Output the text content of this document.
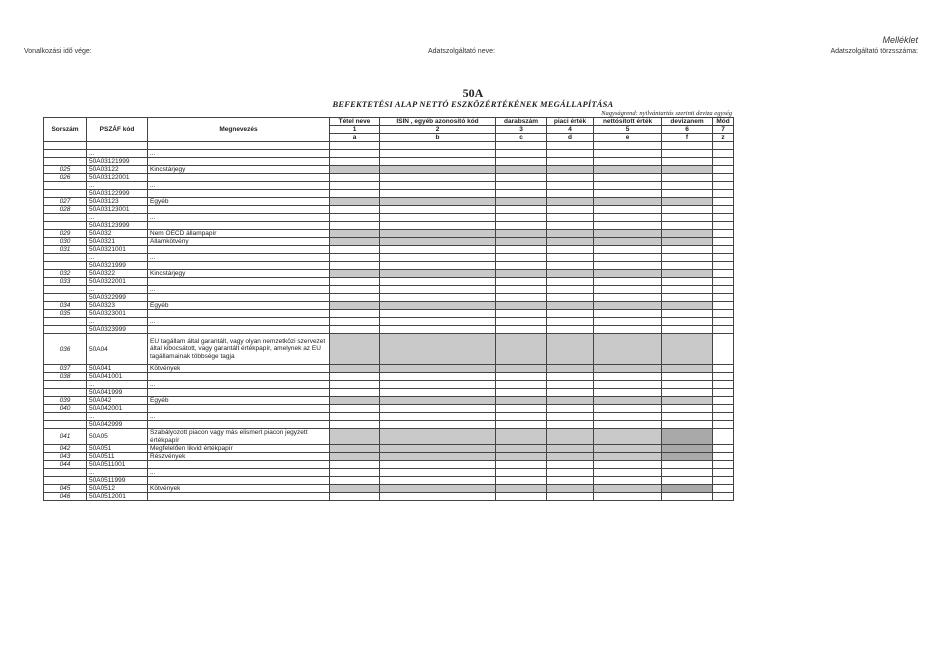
Melléklet
Vonalkozási idő vége:	Adatszolgáltató neve:	Adatszolgáltató törzsszáma:
50A
BEFEKTETÉSI ALAP NETTÓ ESZKÖZÉRTÉKÉNEK MEGÁLLAPÍTÁSA
Nagyságrend: nyilvántartás szerinti deviza egység
Sorszám	PSZÁF kód	Megnevezés	Tétel neve	ISIN , egyéb azonosító kód	darabszám	piaci érték	nettósított érték	devizanem	Mód
			1	2	3	4	5	6	7
			a	b	c	d	e	f	z

	...	...							
	50A03121999								
025	50A03122	Kincstárjegy							
026	50A03122001								
	...	...							
	50A03122999								
027	50A03123	Egyéb							
028	50A03123001								
	...	...							
	50A03123999								
029	50A032	Nem OECD állampapír							
030	50A0321	Államkötvény							
031	50A0321001								
	...	...							
	50A0321999								
032	50A0322	Kincstárjegy							
033	50A0322001								
	...	...							
	50A0322999								
034	50A0323	Egyéb							
035	50A0323001								
	...	...							
	50A0323999								
036	50A04	EU tagállam által garantált, vagy olyan nemzetközi szervezet által kibocsátott, vagy garantált értékpapír, amelynek az EU tagállamainak többsége tagja							
037	50A041	Kötvények							
038	50A041001								
	...	...							
	50A041999								
039	50A042	Egyéb							
040	50A042001								
	...	...							
	50A042999								
041	50A05	Szabályozott piacon vagy más elismert piacon jegyzett értékpapír							
042	50A051	Megfelelően likvid értékpapír							
043	50A0511	Részvények							
044	50A0511001								
	...	...							
	50A0511999								
045	50A0512	Kötvények							
046	50A0512001								
